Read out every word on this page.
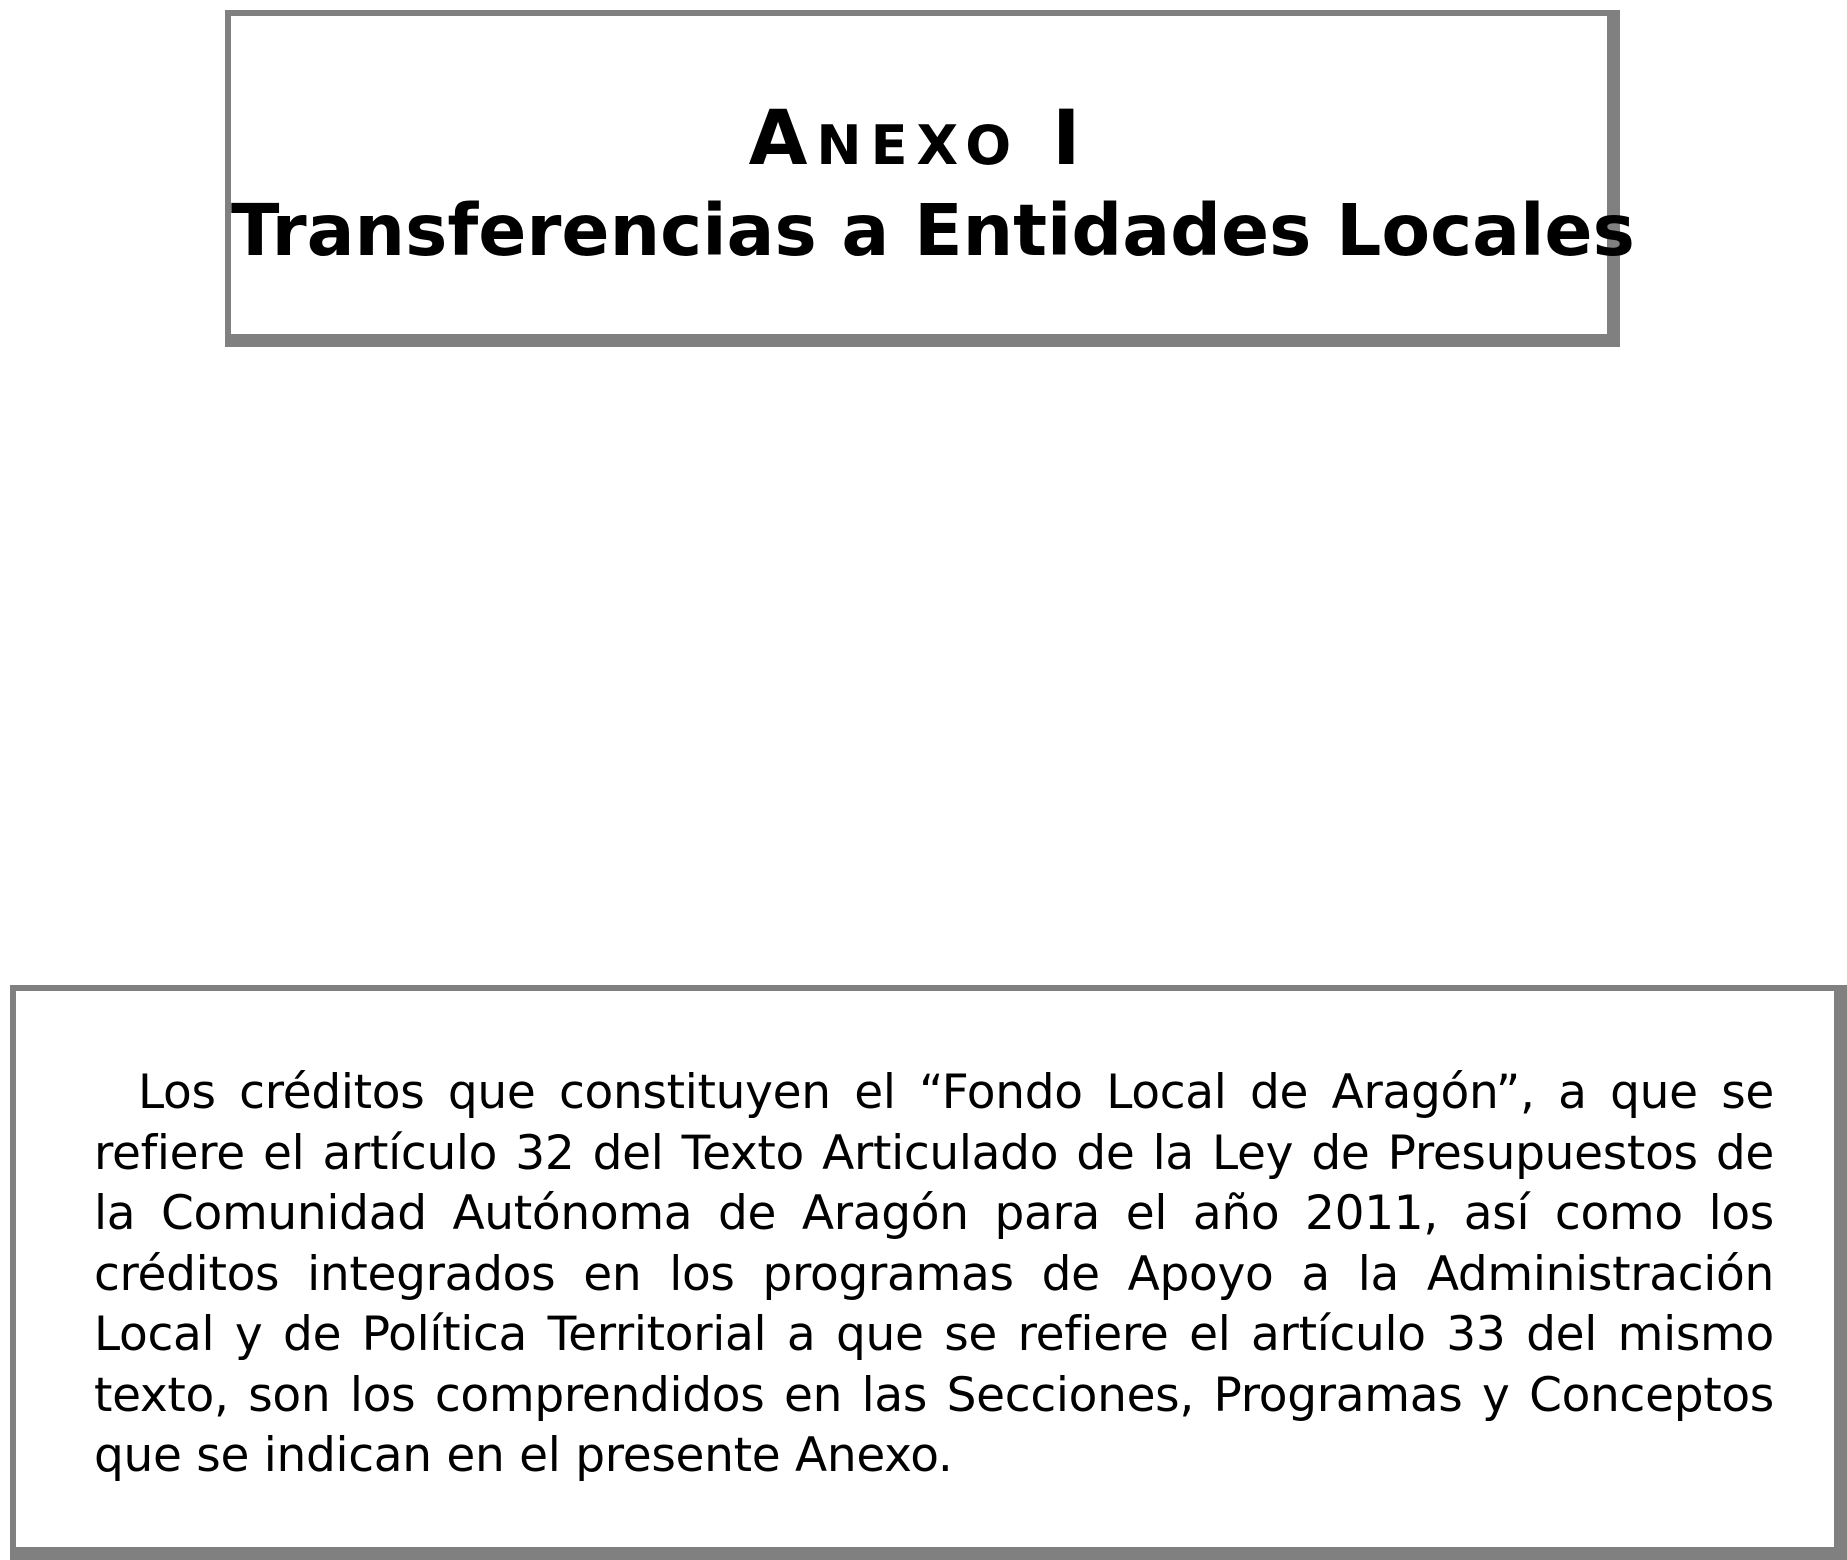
ANEXO I
Transferencias a Entidades Locales

Los créditos que constituyen el “Fondo Local de Aragón”, a que se refiere el artículo 32 del Texto Articulado de la Ley de Presupuestos de la Comunidad Autónoma de Aragón para el año 2011, así como los créditos integrados en los programas de Apoyo a la Administración Local y de Política Territorial a que se refiere el artículo 33 del mismo texto, son los comprendidos en las Secciones, Programas y Conceptos que se indican en el presente Anexo.
